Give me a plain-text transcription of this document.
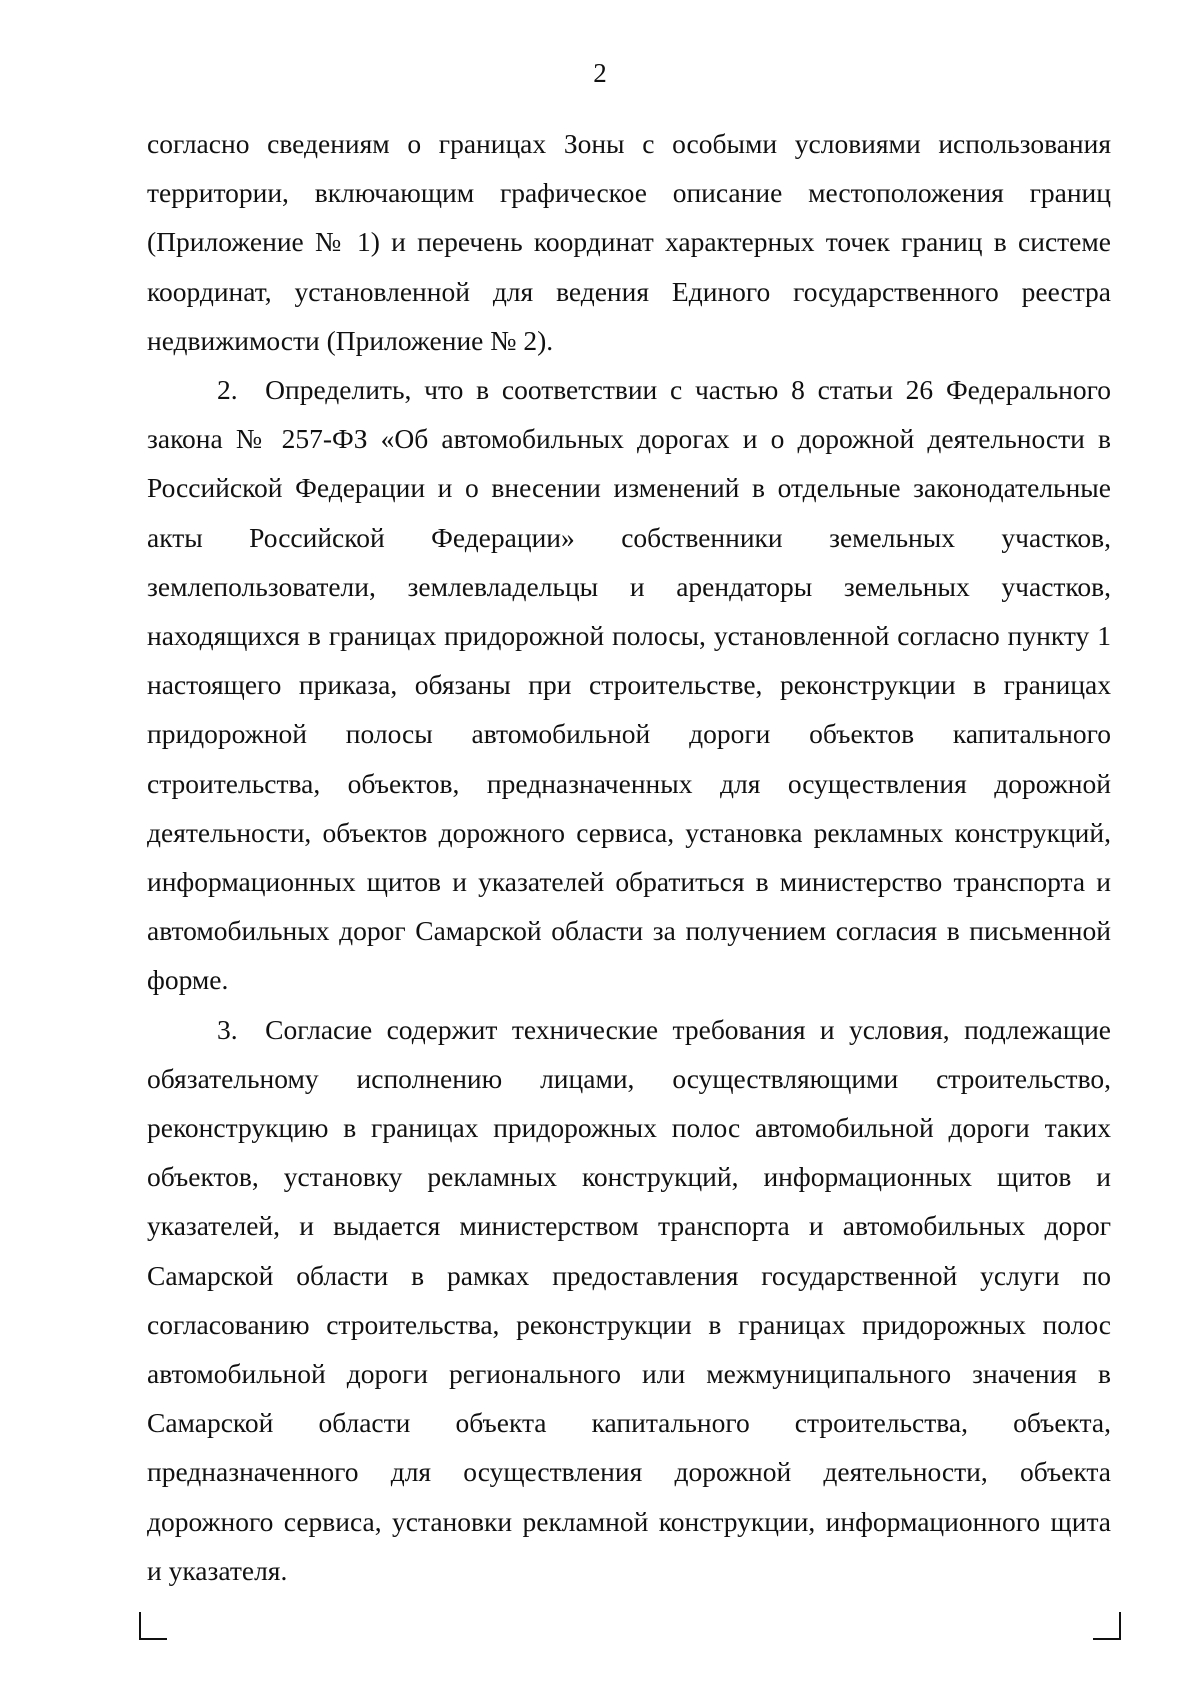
2

согласно сведениям о границах Зоны с особыми условиями использования территории, включающим графическое описание местоположения границ (Приложение № 1) и перечень координат характерных точек границ в системе координат, установленной для ведения Единого государственного реестра недвижимости (Приложение № 2).

2. Определить, что в соответствии с частью 8 статьи 26 Федерального закона № 257-ФЗ «Об автомобильных дорогах и о дорожной деятельности в Российской Федерации и о внесении изменений в отдельные законодательные акты Российской Федерации» собственники земельных участков, землепользователи, землевладельцы и арендаторы земельных участков, находящихся в границах придорожной полосы, установленной согласно пункту 1 настоящего приказа, обязаны при строительстве, реконструкции в границах придорожной полосы автомобильной дороги объектов капитального строительства, объектов, предназначенных для осуществления дорожной деятельности, объектов дорожного сервиса, установка рекламных конструкций, информационных щитов и указателей обратиться в министерство транспорта и автомобильных дорог Самарской области за получением согласия в письменной форме.

3. Согласие содержит технические требования и условия, подлежащие обязательному исполнению лицами, осуществляющими строительство, реконструкцию в границах придорожных полос автомобильной дороги таких объектов, установку рекламных конструкций, информационных щитов и указателей, и выдается министерством транспорта и автомобильных дорог Самарской области в рамках предоставления государственной услуги по согласованию строительства, реконструкции в границах придорожных полос автомобильной дороги регионального или межмуниципального значения в Самарской области объекта капитального строительства, объекта, предназначенного для осуществления дорожной деятельности, объекта дорожного сервиса, установки рекламной конструкции, информационного щита и указателя.
